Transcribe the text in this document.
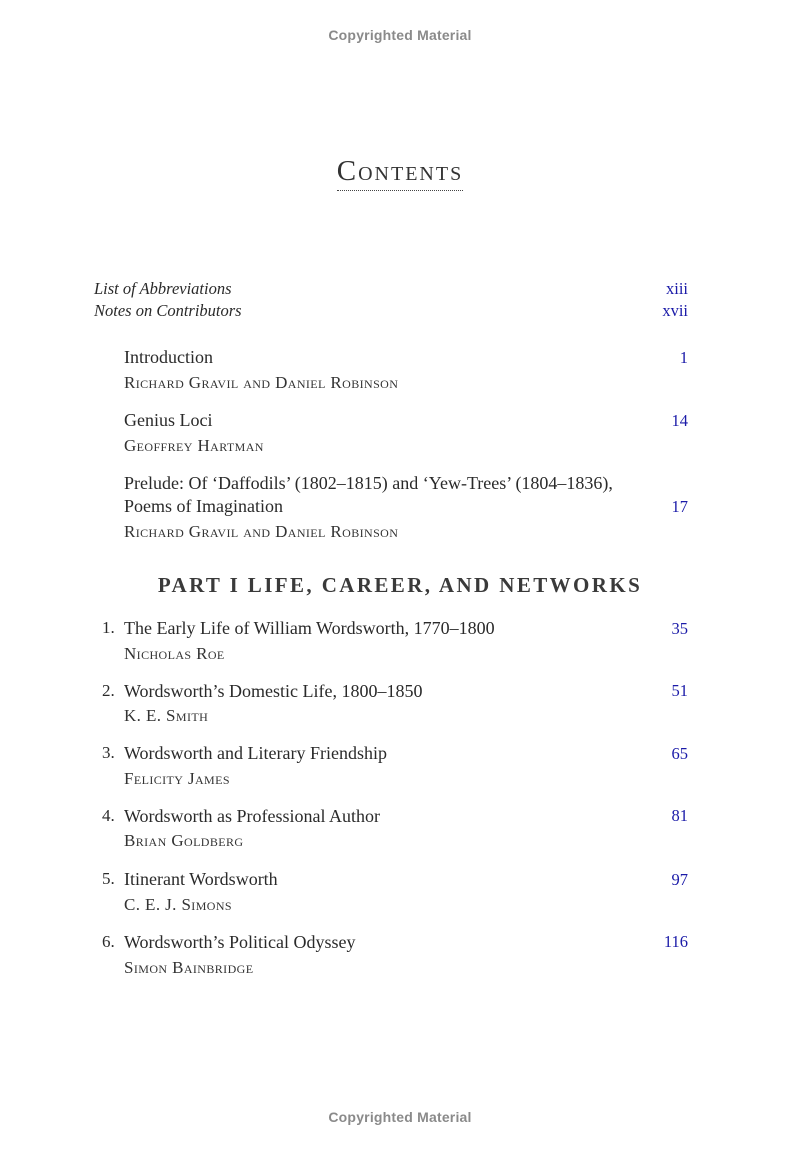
Copyrighted Material
Contents
List of Abbreviations	xiii
Notes on Contributors	xvii
Introduction	1
Richard Gravil and Daniel Robinson
Genius Loci	14
Geoffrey Hartman
Prelude: Of ‘Daffodils’ (1802–1815) and ‘Yew-Trees’ (1804–1836),
Poems of Imagination	17
Richard Gravil and Daniel Robinson
PART I LIFE, CAREER, AND NETWORKS
1. The Early Life of William Wordsworth, 1770–1800	35
Nicholas Roe
2. Wordsworth’s Domestic Life, 1800–1850	51
K. E. Smith
3. Wordsworth and Literary Friendship	65
Felicity James
4. Wordsworth as Professional Author	81
Brian Goldberg
5. Itinerant Wordsworth	97
C. E. J. Simons
6. Wordsworth’s Political Odyssey	116
Simon Bainbridge
Copyrighted Material
